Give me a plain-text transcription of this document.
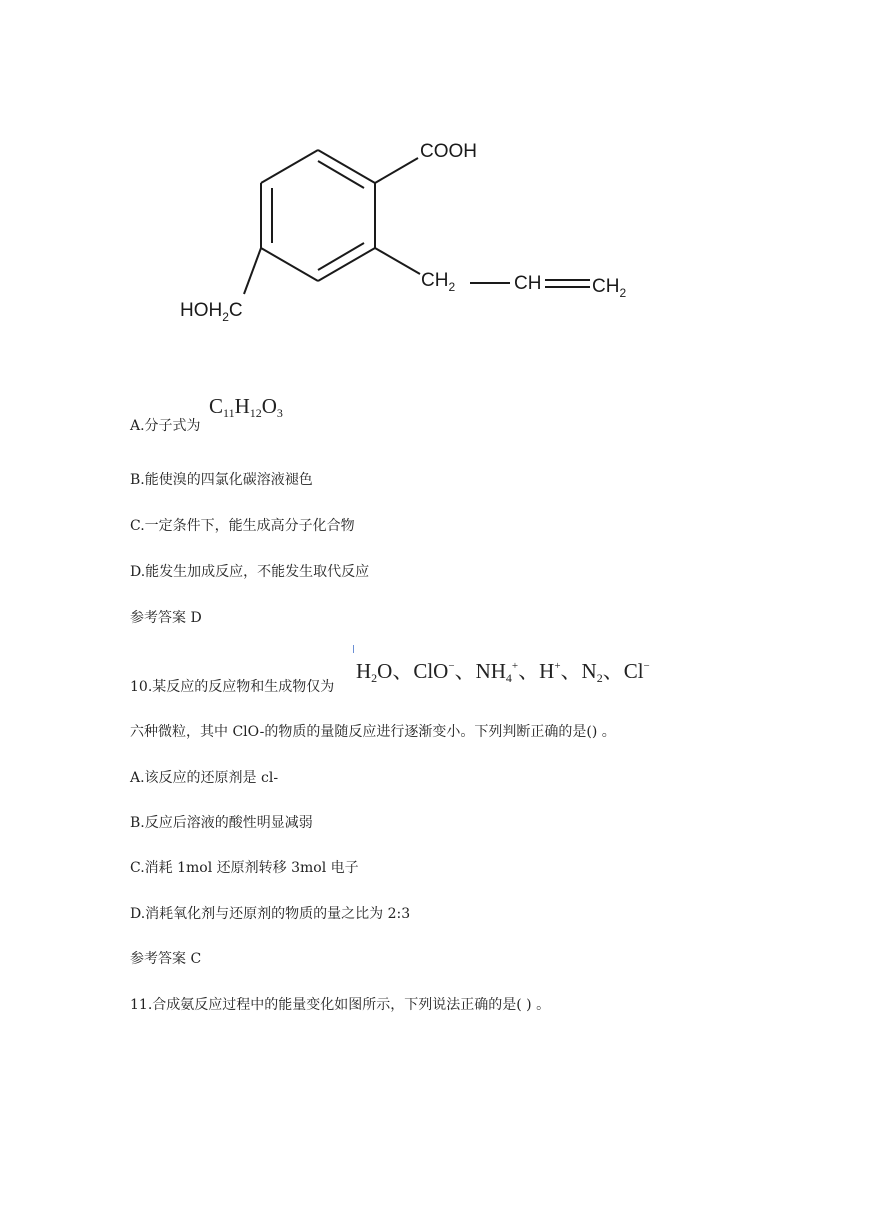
COOH
$CH_2$	CH	$CH_2$
$HOH_2C$
A.分子式为
$C_{11}H_{12}O_3$
B.能使溴的四氯化碳溶液褪色
C.一定条件下，能生成高分子化合物
D.能发生加成反应，不能发生取代反应
参考答案 D
10.某反应的反应物和生成物仅为
$H_2O$、ClO−、$NH_4^+$、H+、$N_2$、Cl−
六种微粒，其中 ClO-的物质的量随反应进行逐渐变小。下列判断正确的是() 。
A.该反应的还原剂是 cl-
B.反应后溶液的酸性明显减弱
C.消耗 1mol 还原剂转移 3mol 电子
D.消耗氧化剂与还原剂的物质的量之比为 2:3
参考答案 C
11.合成氨反应过程中的能量变化如图所示，下列说法正确的是( ) 。
